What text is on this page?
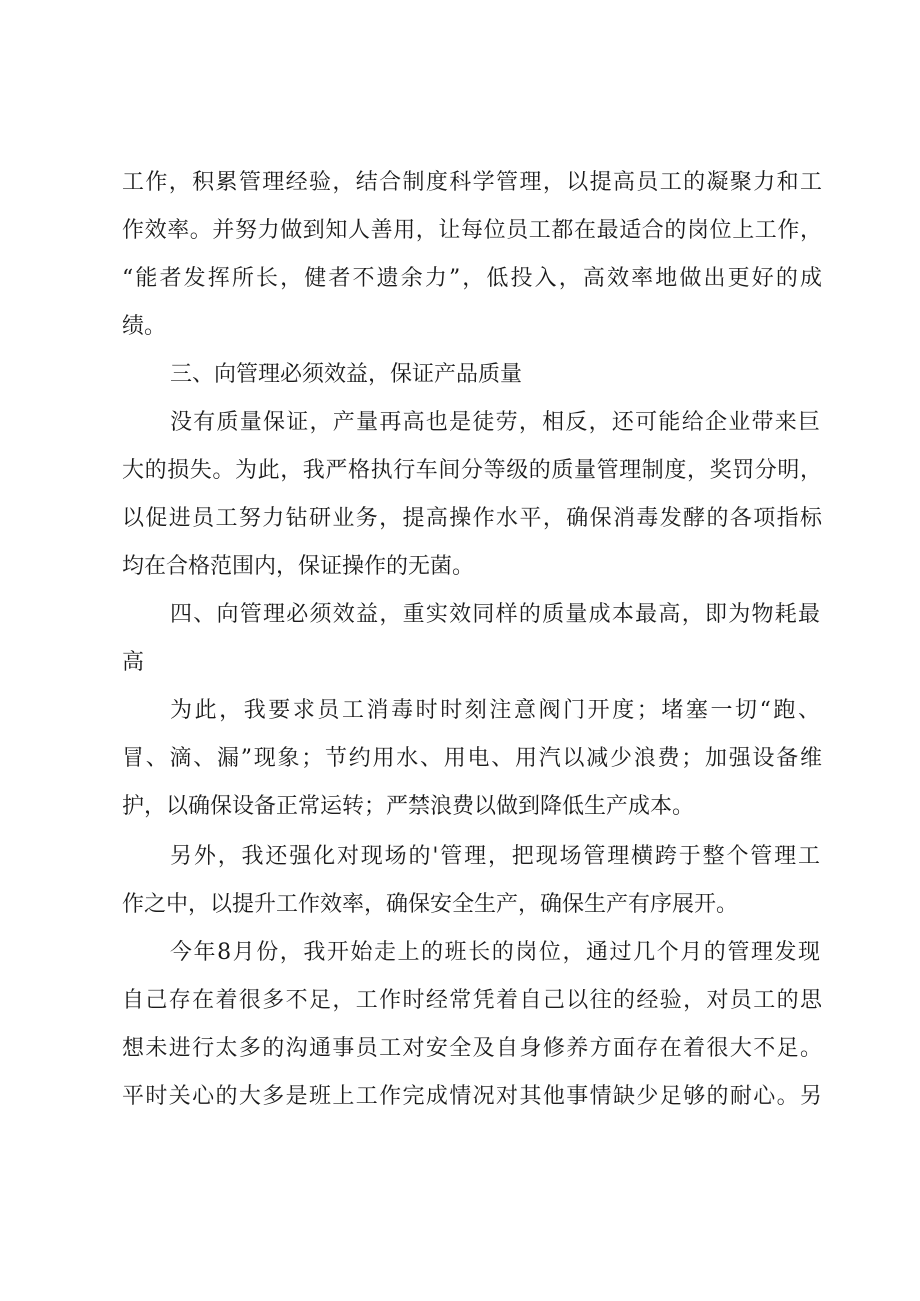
工作，积累管理经验，结合制度科学管理，以提高员工的凝聚力和工
作效率。并努力做到知人善用，让每位员工都在最适合的岗位上工作，
“能者发挥所长，健者不遗余力”，低投入，高效率地做出更好的成
绩。
三、向管理必须效益，保证产品质量
没有质量保证，产量再高也是徒劳，相反，还可能给企业带来巨
大的损失。为此，我严格执行车间分等级的质量管理制度，奖罚分明，
以促进员工努力钻研业务，提高操作水平，确保消毒发酵的各项指标
均在合格范围内，保证操作的无菌。
四、向管理必须效益，重实效同样的质量成本最高，即为物耗最
高
为此，我要求员工消毒时时刻注意阀门开度；堵塞一切“跑、
冒、滴、漏”现象；节约用水、用电、用汽以减少浪费；加强设备维
护，以确保设备正常运转；严禁浪费以做到降低生产成本。
另外，我还强化对现场的'管理，把现场管理横跨于整个管理工
作之中，以提升工作效率，确保安全生产，确保生产有序展开。
今年8月份，我开始走上的班长的岗位，通过几个月的管理发现
自己存在着很多不足，工作时经常凭着自己以往的经验，对员工的思
想未进行太多的沟通事员工对安全及自身修养方面存在着很大不足。
平时关心的大多是班上工作完成情况对其他事情缺少足够的耐心。另
